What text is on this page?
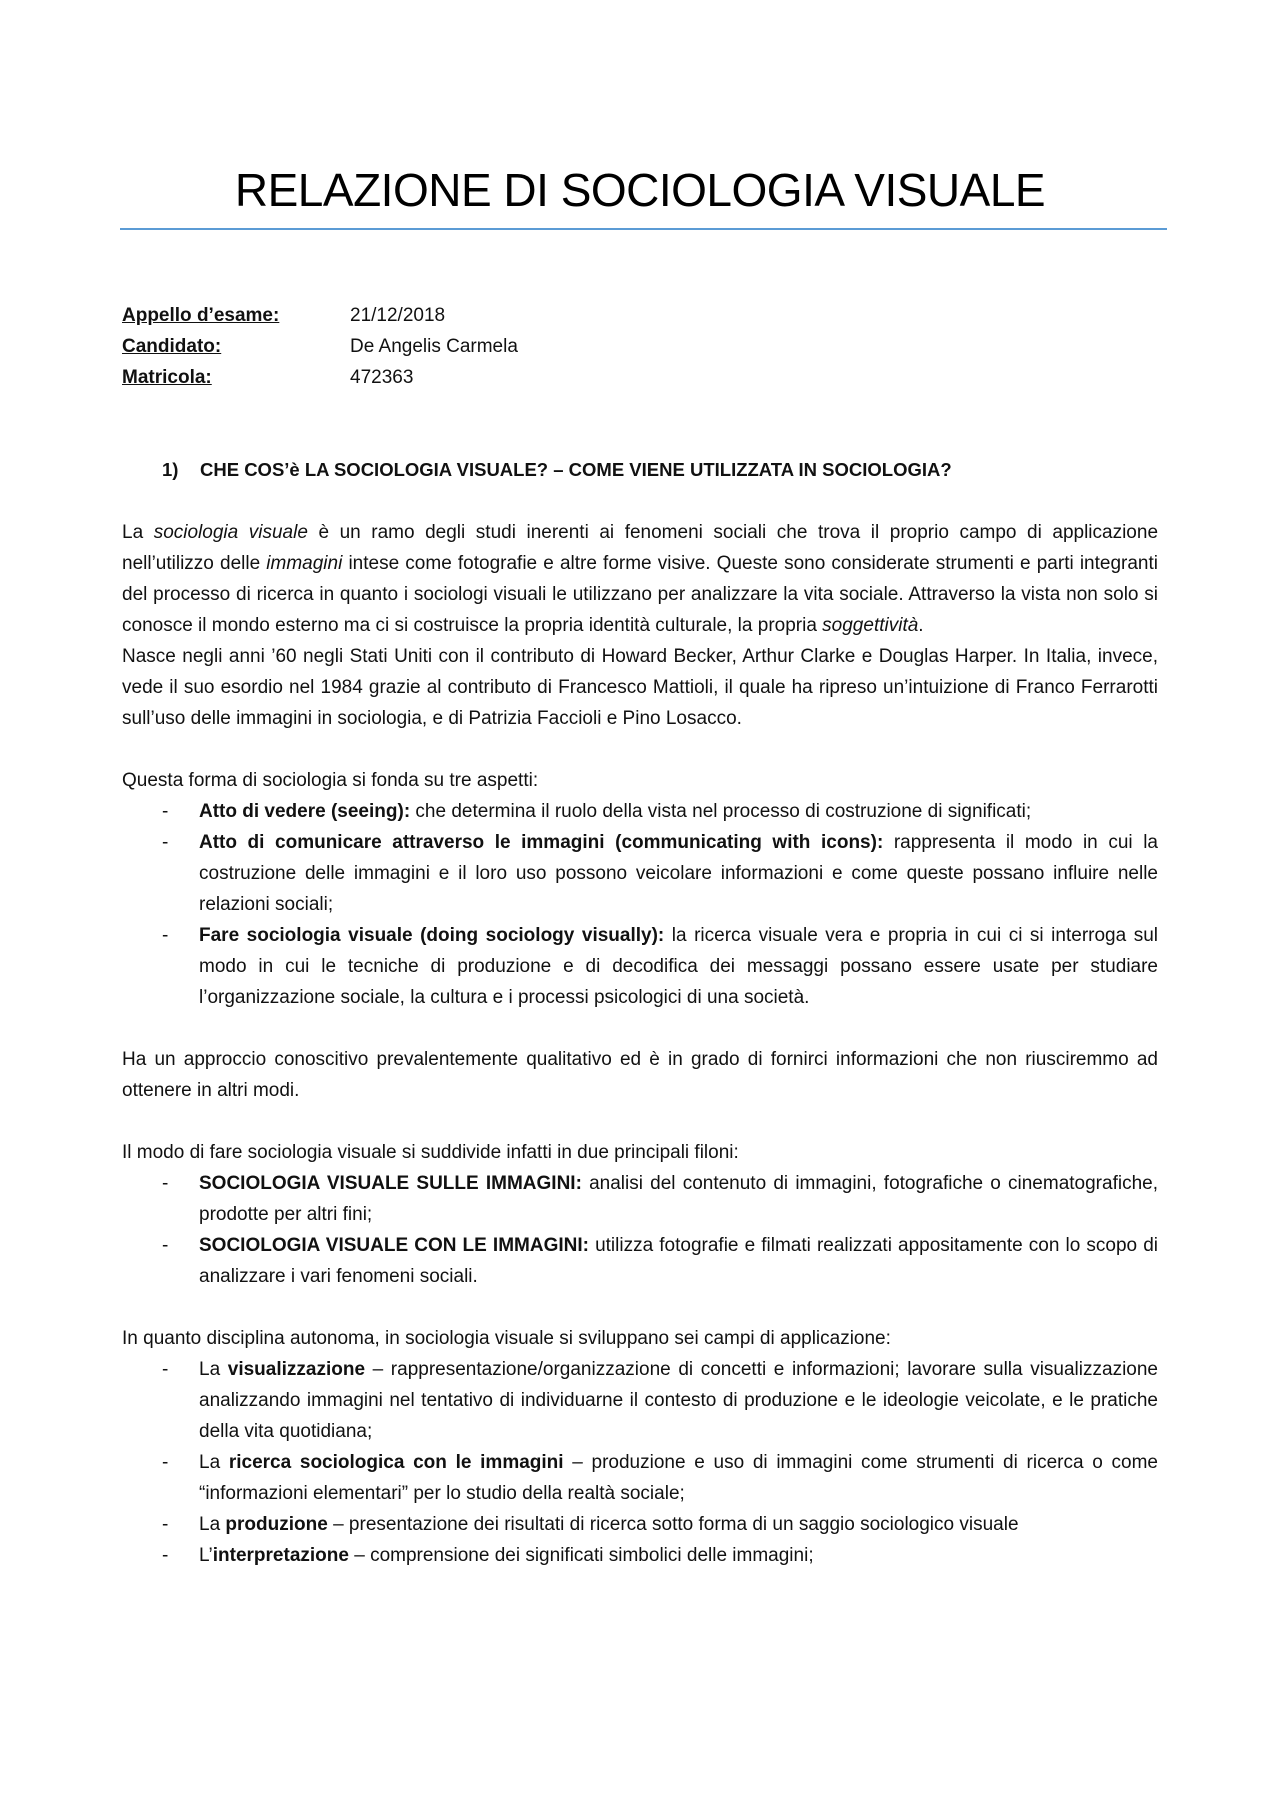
RELAZIONE DI SOCIOLOGIA VISUALE
Appello d’esame:	21/12/2018
Candidato:	De Angelis Carmela
Matricola:	472363
1)	CHE COS’è LA SOCIOLOGIA VISUALE? – COME VIENE UTILIZZATA IN SOCIOLOGIA?

La sociologia visuale è un ramo degli studi inerenti ai fenomeni sociali che trova il proprio campo di applicazione nell’utilizzo delle immagini intese come fotografie e altre forme visive. Queste sono considerate strumenti e parti integranti del processo di ricerca in quanto i sociologi visuali le utilizzano per analizzare la vita sociale. Attraverso la vista non solo si conosce il mondo esterno ma ci si costruisce la propria identità culturale, la propria soggettività.

Nasce negli anni ’60 negli Stati Uniti con il contributo di Howard Becker, Arthur Clarke e Douglas Harper. In Italia, invece, vede il suo esordio nel 1984 grazie al contributo di Francesco Mattioli, il quale ha ripreso un’intuizione di Franco Ferrarotti sull’uso delle immagini in sociologia, e di Patrizia Faccioli e Pino Losacco.

Questa forma di sociologia si fonda su tre aspetti:

- Atto di vedere (seeing): che determina il ruolo della vista nel processo di costruzione di significati;
- Atto di comunicare attraverso le immagini (communicating with icons): rappresenta il modo in cui la costruzione delle immagini e il loro uso possono veicolare informazioni e come queste possano influire nelle relazioni sociali;
- Fare sociologia visuale (doing sociology visually): la ricerca visuale vera e propria in cui ci si interroga sul modo in cui le tecniche di produzione e di decodifica dei messaggi possano essere usate per studiare l’organizzazione sociale, la cultura e i processi psicologici di una società.

Ha un approccio conoscitivo prevalentemente qualitativo ed è in grado di fornirci informazioni che non riusciremmo ad ottenere in altri modi.

Il modo di fare sociologia visuale si suddivide infatti in due principali filoni:

- SOCIOLOGIA VISUALE SULLE IMMAGINI: analisi del contenuto di immagini, fotografiche o cinematografiche, prodotte per altri fini;
- SOCIOLOGIA VISUALE CON LE IMMAGINI: utilizza fotografie e filmati realizzati appositamente con lo scopo di analizzare i vari fenomeni sociali.

In quanto disciplina autonoma, in sociologia visuale si sviluppano sei campi di applicazione:

- La visualizzazione – rappresentazione/organizzazione di concetti e informazioni; lavorare sulla visualizzazione analizzando immagini nel tentativo di individuarne il contesto di produzione e le ideologie veicolate, e le pratiche della vita quotidiana;
- La ricerca sociologica con le immagini – produzione e uso di immagini come strumenti di ricerca o come “informazioni elementari” per lo studio della realtà sociale;
- La produzione – presentazione dei risultati di ricerca sotto forma di un saggio sociologico visuale
- L’interpretazione – comprensione dei significati simbolici delle immagini;
